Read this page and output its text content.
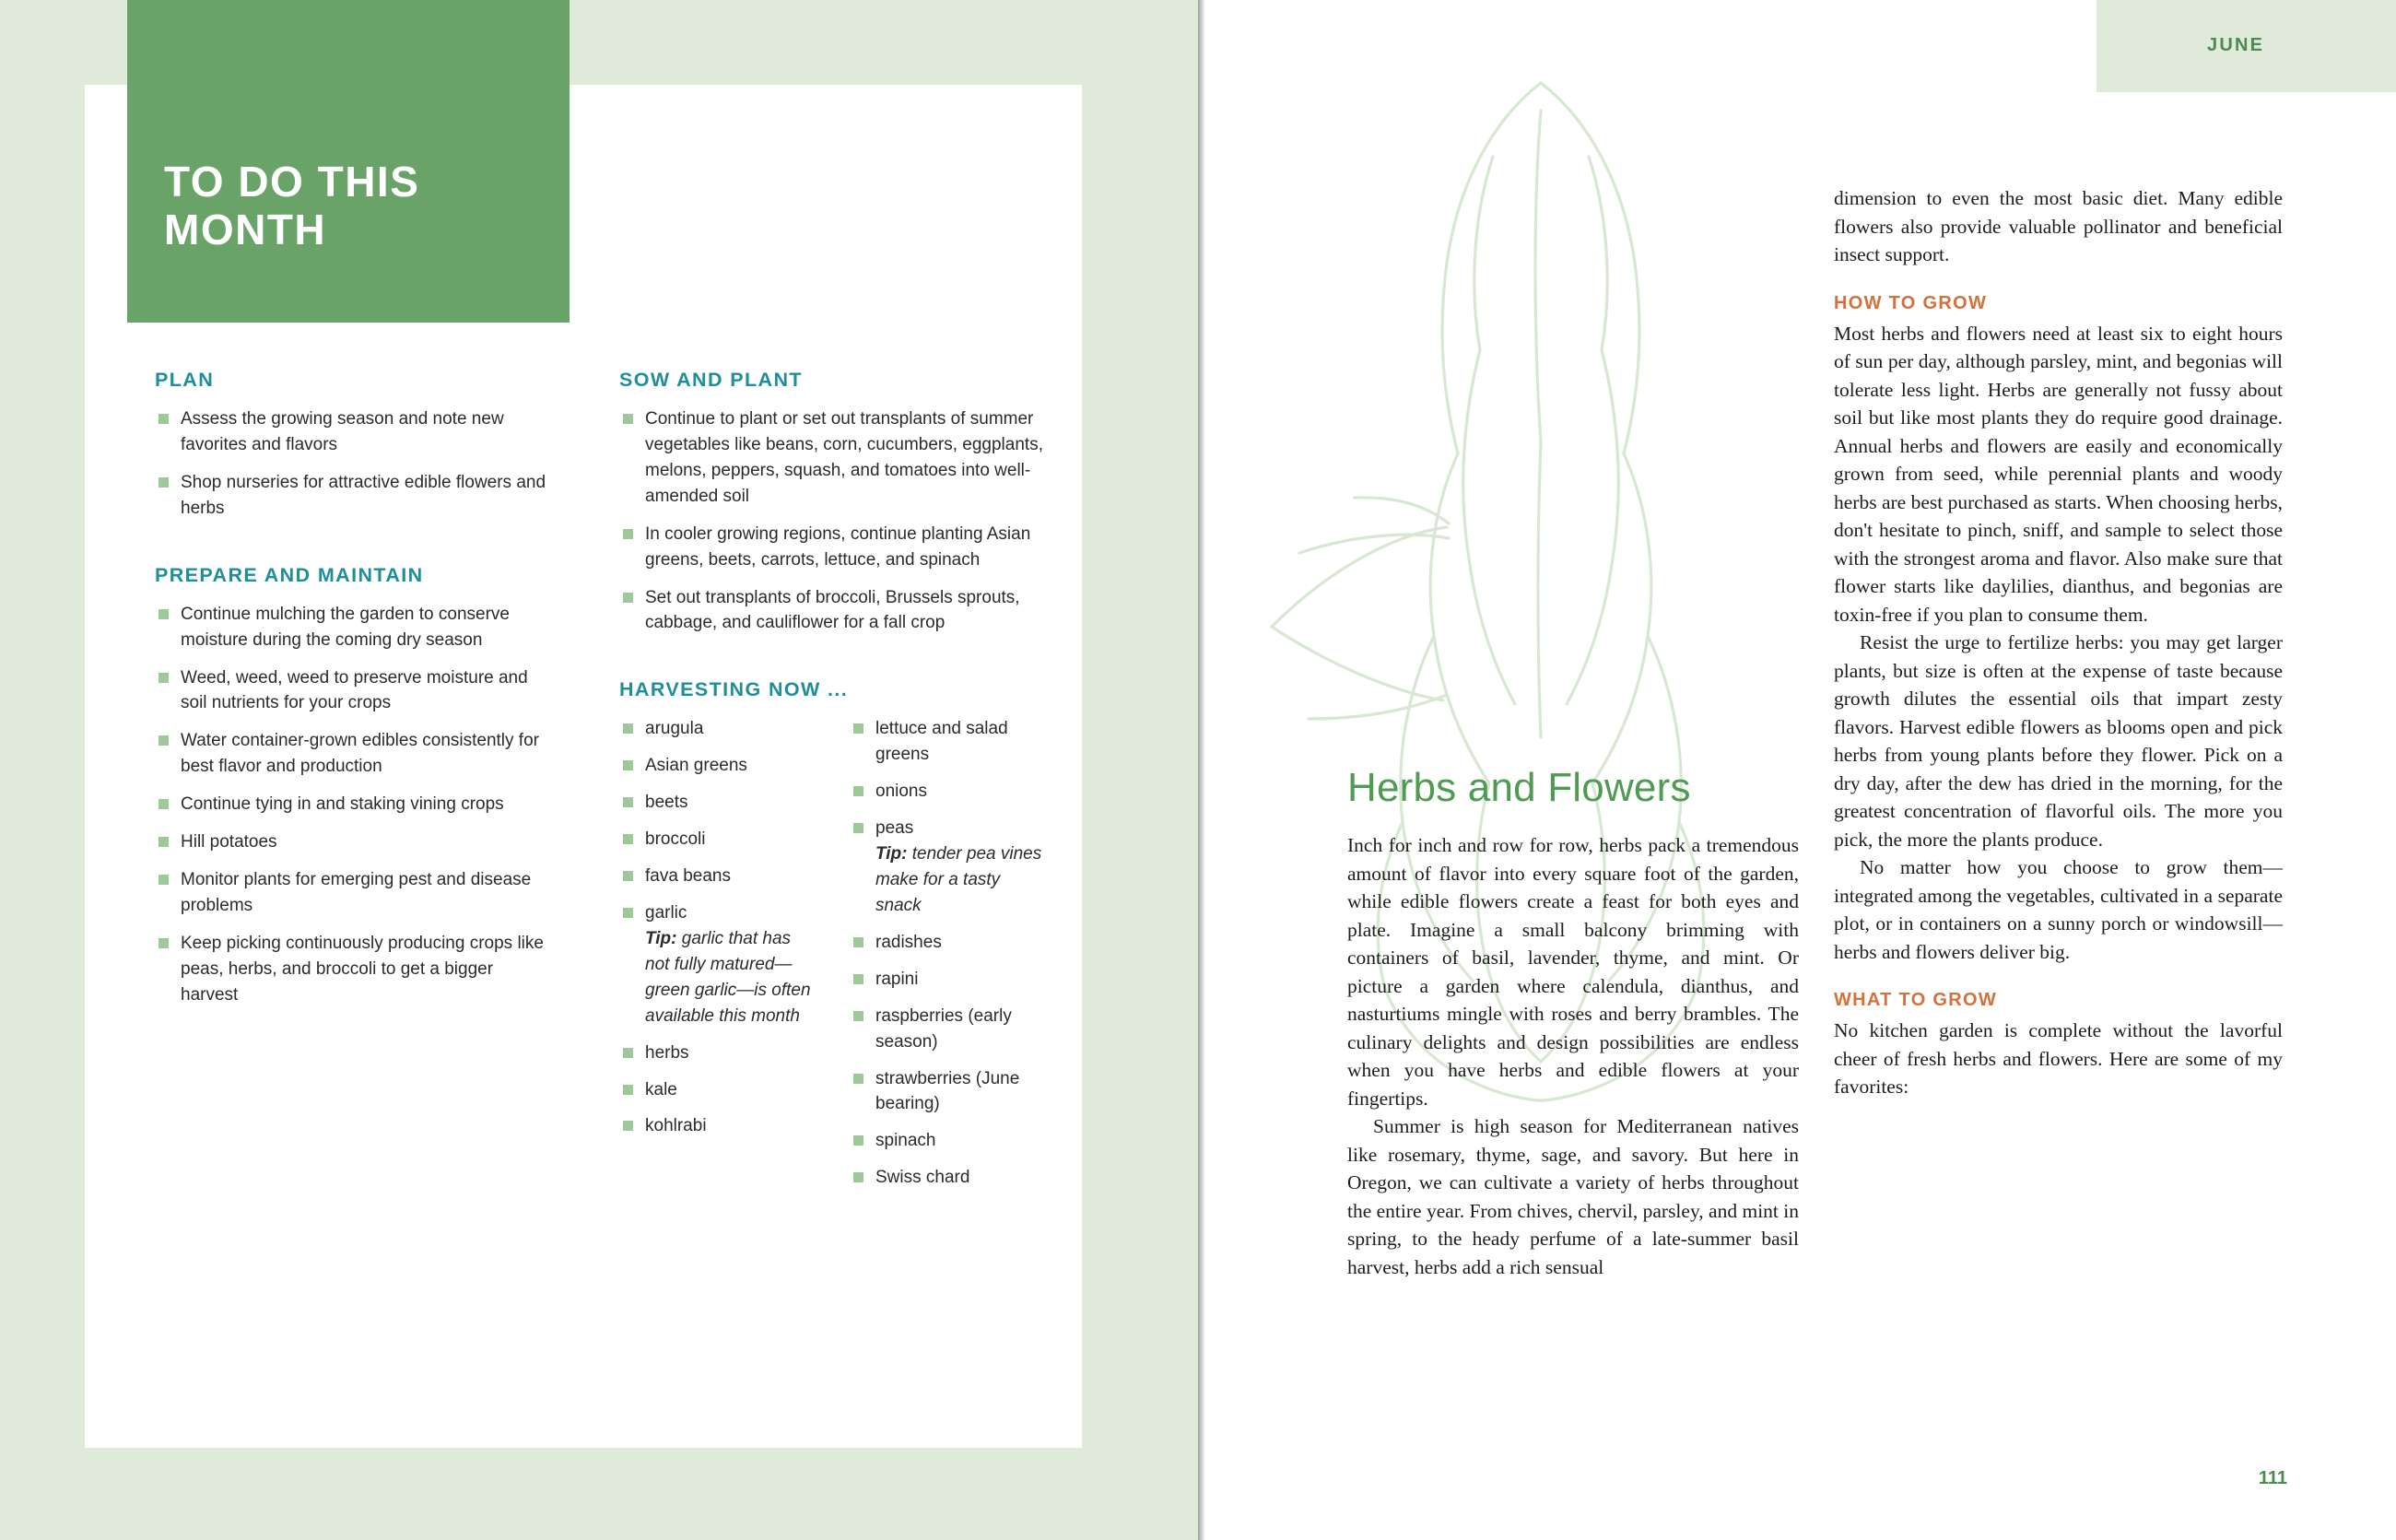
TO DO THIS MONTH
PLAN
Assess the growing season and note new favorites and flavors
Shop nurseries for attractive edible flowers and herbs
PREPARE AND MAINTAIN
Continue mulching the garden to conserve moisture during the coming dry season
Weed, weed, weed to preserve moisture and soil nutrients for your crops
Water container-grown edibles consistently for best flavor and production
Continue tying in and staking vining crops
Hill potatoes
Monitor plants for emerging pest and disease problems
Keep picking continuously producing crops like peas, herbs, and broccoli to get a bigger harvest
SOW AND PLANT
Continue to plant or set out transplants of summer vegetables like beans, corn, cucumbers, eggplants, melons, peppers, squash, and tomatoes into well-amended soil
In cooler growing regions, continue planting Asian greens, beets, carrots, lettuce, and spinach
Set out transplants of broccoli, Brussels sprouts, cabbage, and cauliflower for a fall crop
HARVESTING NOW ...
arugula
Asian greens
beets
broccoli
fava beans
garlic
Tip: garlic that has not fully matured—green garlic—is often available this month
herbs
kale
kohlrabi
lettuce and salad greens
onions
peas
Tip: tender pea vines make for a tasty snack
radishes
rapini
raspberries (early season)
strawberries (June bearing)
spinach
Swiss chard
JUNE
Herbs and Flowers

Inch for inch and row for row, herbs pack a tremendous amount of flavor into every square foot of the garden, while edible flowers create a feast for both eyes and plate. Imagine a small balcony brimming with containers of basil, lavender, thyme, and mint. Or picture a garden where calendula, dianthus, and nasturtiums mingle with roses and berry brambles. The culinary delights and design possibilities are endless when you have herbs and edible flowers at your fingertips.

Summer is high season for Mediterranean natives like rosemary, thyme, sage, and savory. But here in Oregon, we can cultivate a variety of herbs throughout the entire year. From chives, chervil, parsley, and mint in spring, to the heady perfume of a late-summer basil harvest, herbs add a rich sensual

dimension to even the most basic diet. Many edible flowers also provide valuable pollinator and beneficial insect support.

HOW TO GROW

Most herbs and flowers need at least six to eight hours of sun per day, although parsley, mint, and begonias will tolerate less light. Herbs are generally not fussy about soil but like most plants they do require good drainage. Annual herbs and flowers are easily and economically grown from seed, while perennial plants and woody herbs are best purchased as starts. When choosing herbs, don't hesitate to pinch, sniff, and sample to select those with the strongest aroma and flavor. Also make sure that flower starts like daylilies, dianthus, and begonias are toxin-free if you plan to consume them.

Resist the urge to fertilize herbs: you may get larger plants, but size is often at the expense of taste because growth dilutes the essential oils that impart zesty flavors. Harvest edible flowers as blooms open and pick herbs from young plants before they flower. Pick on a dry day, after the dew has dried in the morning, for the greatest concentration of flavorful oils. The more you pick, the more the plants produce.

No matter how you choose to grow them—integrated among the vegetables, cultivated in a separate plot, or in containers on a sunny porch or windowsill—herbs and flowers deliver big.

WHAT TO GROW

No kitchen garden is complete without the lavorful cheer of fresh herbs and flowers. Here are some of my favorites:

111
